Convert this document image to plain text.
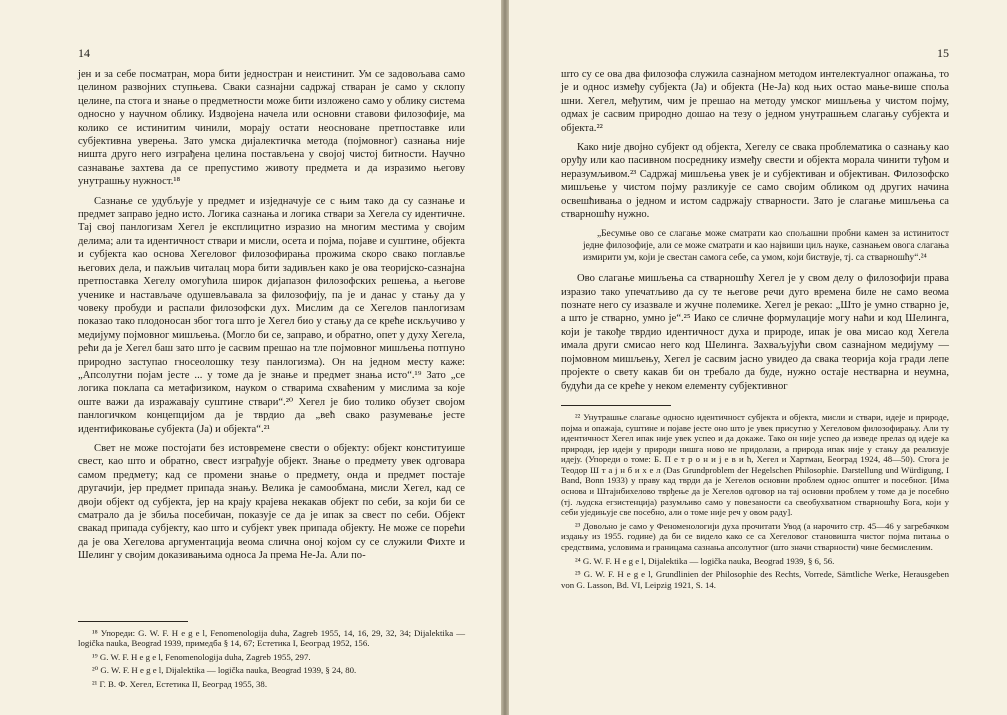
14

јен и за себе посматран, мора бити једностран и неистинит. Ум се задовољава само целином развојних ступњева. Сваки сазнајни садржај стваран је само у склопу целине, па стога и знање о предметности може бити изложено само у облику система односно у научном облику. Издвојена начела или основни ставови филозофије, ма колико се истинитим чинили, морају остати неосноване претпоставке или субјективна уверења. Зато умска дијалектичка метода (појмовног) сазнања није ништа друго него изграђена целина постављена у својој чистој битности. Научно сазнавање захтева да се препустимо животу предмета и да изразимо његову унутрашњу нужност.¹⁸

Сазнање се удубљује у предмет и изједначује се с њим тако да су сазнање и предмет заправо једно исто. Логика сазнања и логика ствари за Хегела су идентичне. Тај свој панлогизам Хегел је експлицитно изразио на многим местима у својим делима; али та идентичност ствари и мисли, осета и појма, појаве и суштине, објекта и субјекта као основа Хегеловог филозофирања прожима скоро свако поглавље његових дела, и пажљив читалац мора бити задивљен како је ова теоријско-сазнајна претпоставка Хегелу омогућила широк дијапазон филозофских решења, а његове ученике и настављаче одушевљавала за филозофију, па је и данас у стању да у човеку пробуди и распали филозофски дух. Мислим да се Хегелов панлогизам показао тако плодоносан због тога што је Хегел био у стању да се креће искључиво у медијуму појмовног мишљења. (Могло би се, заправо, и обратно, опет у духу Хегела, рећи да је Хегел баш зато што је сасвим прешао на тле појмовног мишљења потпуно природно заступао гносеолошку тезу панлогизма). Он на једном месту каже: „Апсолутни појам јесте ... у томе да је знање и предмет знања исто“.¹⁹ Зато „се логика поклапа са метафизиком, науком о стварима схваћеним у мислима за које оште важи да изражавају суштине ствари“.²⁰ Хегел је био толико обузет својом панлогичком концепцијом да је тврдио да „већ свако разумевање јесте идентификовање субјекта (Ја) и објекта“.²¹

Свет не може постојати без истовремене свести о објекту: објект конституише свест, као што и обратно, свест изграђује објект. Знање о предмету увек одговара самом предмету; кад се промени знање о предмету, онда и предмет постаје другачији, јер предмет припада знању. Велика је самообмана, мисли Хегел, кад се двоји објект од субјекта, јер на крају крајева некакав објект по себи, за који би се сматрало да је збиља посебичан, показује се да је ипак за свест по себи. Објект свакад припада субјекту, као што и субјект увек припада објекту. Не може се порећи да је ова Хегелова аргументација веома слична оној којом су се служили Фихте и Шелинг у својим доказивањима односа Ја према Не-Ја. Али по-

¹⁸ Упореди: G. W. F. H e g e l, Fenomenologija duha, Zagreb 1955, 14, 16, 29, 32, 34; Dijalektika — logička nauka, Beograd 1939, примедба § 14, 67; Естетика I, Београд 1952, 156.

¹⁹ G. W. F. H e g e l, Fenomenologija duha, Zagreb 1955, 297.

²⁰ G. W. F. H e g e l, Dijalektika — logička nauka, Beograd 1939, § 24, 80.

²¹ Г. В. Ф. Хегел, Естетика II, Београд 1955, 38.

15

што су се ова два филозофа служила сазнајном методом интелектуалног опажања, то је и однос између субјекта (Ја) и објекта (Не-Ја) код њих остао мање-више споља​шни. Хегел, међутим, чим је прешао на методу умског мишљења у чистом појму, одмах је сасвим природно дошао на тезу о једном унутрашњем слагању субјекта и објекта.²²

Како није двојно субјект од објекта, Хегелу се свака проблематика о сазнању као оруђу или као пасивном посреднику између свести и објекта морала чинити туђом и неразумљивом.²³ Садржај мишљења увек је и субјективан и објективан. Филозофско мишљење у чистом појму разликује се само својим обликом од других начина освешћивања о једном и истом садржају стварности. Зато је слагање мишљења са стварношћу нужно.

„Бесумње ово се слагање може сматрати као спољашни пробни камен за истинитост једне филозофије, али се може сматрати и као највиши циљ науке, сазнањем овога слагања измирити ум, који је свестан самога себе, са умом, који биствује, тј. са стварношћу“.²⁴

Ово слагање мишљења са стварношћу Хегел је у свом делу о филозофији права изразио тако упечатљиво да су те његове речи дуго времена биле не само веома познате него су изазвале и жучне полемике. Хегел је рекао: „Што је умно стварно је, а што је стварно, умно је“.²⁵ Иако се сличне формулације могу наћи и код Шелинга, који је такође тврдио идентичност духа и природе, ипак је ова мисао код Хегела имала други смисао него код Шелинга. Захваљујући свом сазнајном медијуму — појмовном мишљењу, Хегел је сасвим јасно увидео да свака теорија која гради лепе пројекте о свету какав би он требало да буде, нужно остаје нестварна и неумна, будући да се креће у неком елементу субјективног

²² Унутрашње слагање односно идентичност субјекта и објекта, мисли и ствари, идеје и природе, појма и опажаја, суштине и појаве јесте оно што је увек присутно у Хегеловом филозофирању. Али ту идентичност Хегел ипак није увек успео и да докаже. Тако он није успео да изведе прелаз од идеје ка природи, јер идеји у природи нишга ново не придолази, а природа ипак није у стању да реализује идеју. (Упореди о томе: Б. П е т р о н и ј е в и ћ, Хегел и Хартман, Београд 1924, 48—50). Стога је Теодор Ш т а ј н б и х е л (Das Grundproblem der Hegelschen Philosophie. Darstellung und Würdigung, I Band, Bonn 1933) у праву кад тврди да је Хегелов основни проблем однос општег и посебног. [Има основа и Штајнбихелово тврђење да је Хегелов одговор на тај основни проблем у томе да је посебно (тј. људска егзистенција) разумљиво само у повезаности са свеобухватном стварношћу Бога, који у себи уједињује све посебно, али о томе није реч у овом раду].

²³ Довољно је само у Феноменологији духа прочитати Увод (а нарочито стр. 45—46 у загребачком издању из 1955. године) да би се видело како се са Хегеловог становишта чистог појма питања о средствима, условима и границама сазнања апсолутног (што значи стварности) чине бесмисленим.

²⁴ G. W. F. H e g e l, Dijalektika — logička nauka, Beograd 1939, § 6, 56.

²⁵ G. W. F. H e g e l, Grundlinien der Philosophie des Rechts, Vorrede, Sämtliche Werke, Herausgeben von G. Lasson, Bd. VI, Leipzig 1921, S. 14.
